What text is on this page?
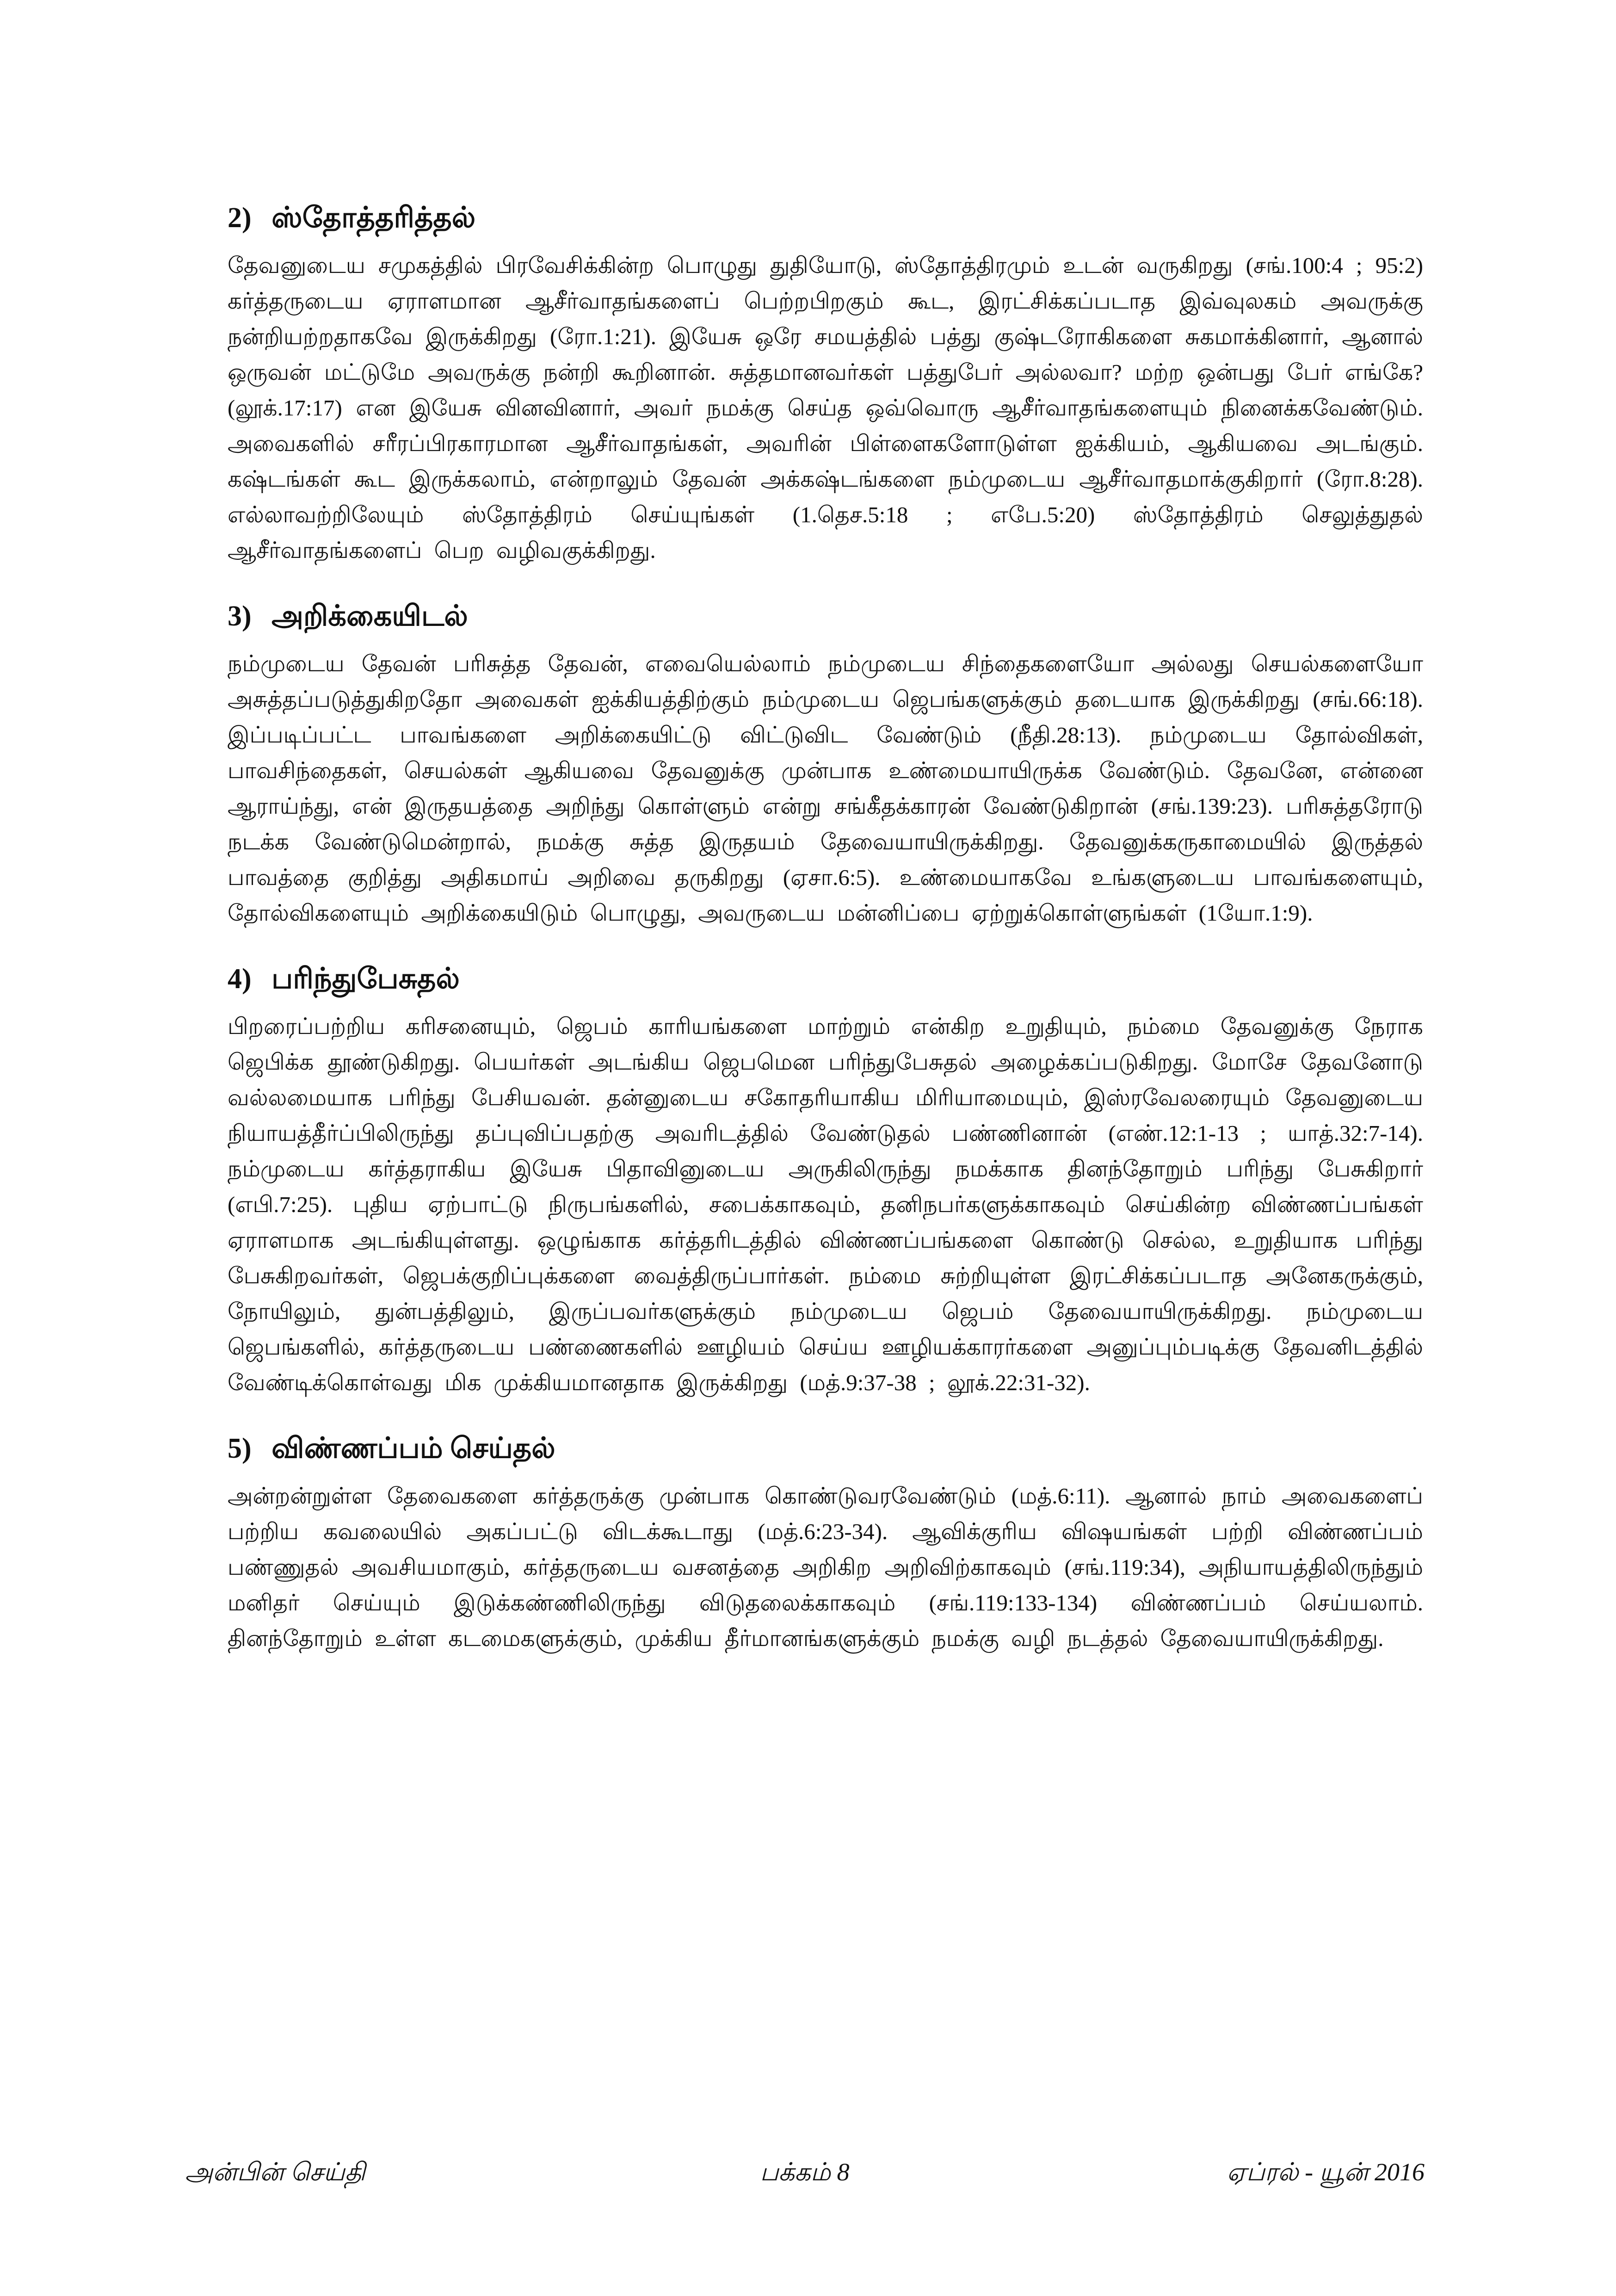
2) ஸ்தோத்தரித்தல்
தேவனுடைய சமுகத்தில் பிரவேசிக்கின்ற பொழுது துதியோடு, ஸ்தோத்திரமும் உடன் வருகிறது (சங்.100:4 ; 95:2) கர்த்தருடைய ஏராளமான ஆசீர்வாதங்களைப் பெற்றபிறகும் கூட, இரட்சிக்கப்படாத இவ்வுலகம் அவருக்கு நன்றியற்றதாகவே இருக்கிறது (ரோ.1:21). இயேசு ஒரே சமயத்தில் பத்து குஷ்டரோகிகளை சுகமாக்கினார், ஆனால் ஒருவன் மட்டுமே அவருக்கு நன்றி கூறினான். சுத்தமானவர்கள் பத்துபேர் அல்லவா? மற்ற ஒன்பது பேர் எங்கே? (லூக்.17:17) என இயேசு வினவினார், அவர் நமக்கு செய்த ஒவ்வொரு ஆசீர்வாதங்களையும் நினைக்கவேண்டும். அவைகளில் சரீரப்பிரகாரமான ஆசீர்வாதங்கள், அவரின் பிள்ளைகளோடுள்ள ஐக்கியம், ஆகியவை அடங்கும். கஷ்டங்கள் கூட இருக்கலாம், என்றாலும் தேவன் அக்கஷ்டங்களை நம்முடைய ஆசீர்வாதமாக்குகிறார் (ரோ.8:28). எல்லாவற்றிலேயும் ஸ்தோத்திரம் செய்யுங்கள் (1.தெச.5:18 ; எபே.5:20) ஸ்தோத்திரம் செலுத்துதல் ஆசீர்வாதங்களைப் பெற வழிவகுக்கிறது.
3) அறிக்கையிடல்
நம்முடைய தேவன் பரிசுத்த தேவன், எவையெல்லாம் நம்முடைய சிந்தைகளையோ அல்லது செயல்களையோ அசுத்தப்படுத்துகிறதோ அவைகள் ஐக்கியத்திற்கும் நம்முடைய ஜெபங்களுக்கும் தடையாக இருக்கிறது (சங்.66:18). இப்படிப்பட்ட பாவங்களை அறிக்கையிட்டு விட்டுவிட வேண்டும் (நீதி.28:13). நம்முடைய தோல்விகள், பாவசிந்தைகள், செயல்கள் ஆகியவை தேவனுக்கு முன்பாக உண்மையாயிருக்க வேண்டும். தேவனே, என்னை ஆராய்ந்து, என் இருதயத்தை அறிந்து கொள்ளும் என்று சங்கீதக்காரன் வேண்டுகிறான் (சங்.139:23). பரிசுத்தரோடு நடக்க வேண்டுமென்றால், நமக்கு சுத்த இருதயம் தேவையாயிருக்கிறது. தேவனுக்கருகாமையில் இருத்தல் பாவத்தை குறித்து அதிகமாய் அறிவை தருகிறது (ஏசா.6:5). உண்மையாகவே உங்களுடைய பாவங்களையும், தோல்விகளையும் அறிக்கையிடும் பொழுது, அவருடைய மன்னிப்பை ஏற்றுக்கொள்ளுங்கள் (1யோ.1:9).
4) பரிந்துபேசுதல்
பிறரைப்பற்றிய கரிசனையும், ஜெபம் காரியங்களை மாற்றும் என்கிற உறுதியும், நம்மை தேவனுக்கு நேராக ஜெபிக்க தூண்டுகிறது. பெயர்கள் அடங்கிய ஜெபமென பரிந்துபேசுதல் அழைக்கப்படுகிறது. மோசே தேவனோடு வல்லமையாக பரிந்து பேசியவன். தன்னுடைய சகோதரியாகிய மிரியாமையும், இஸ்ரவேலரையும் தேவனுடைய நியாயத்தீர்ப்பிலிருந்து தப்புவிப்பதற்கு அவரிடத்தில் வேண்டுதல் பண்ணினான் (எண்.12:1-13 ; யாத்.32:7-14). நம்முடைய கர்த்தராகிய இயேசு பிதாவினுடைய அருகிலிருந்து நமக்காக தினந்தோறும் பரிந்து பேசுகிறார் (எபி.7:25). புதிய ஏற்பாட்டு நிருபங்களில், சபைக்காகவும், தனிநபர்களுக்காகவும் செய்கின்ற விண்ணப்பங்கள் ஏராளமாக அடங்கியுள்ளது. ஒழுங்காக கர்த்தரிடத்தில் விண்ணப்பங்களை கொண்டு செல்ல, உறுதியாக பரிந்து பேசுகிறவர்கள், ஜெபக்குறிப்புக்களை வைத்திருப்பார்கள். நம்மை சுற்றியுள்ள இரட்சிக்கப்படாத அனேகருக்கும், நோயிலும், துன்பத்திலும், இருப்பவர்களுக்கும் நம்முடைய ஜெபம் தேவையாயிருக்கிறது. நம்முடைய ஜெபங்களில், கர்த்தருடைய பண்ணைகளில் ஊழியம் செய்ய ஊழியக்காரர்களை அனுப்பும்படிக்கு தேவனிடத்தில் வேண்டிக்கொள்வது மிக முக்கியமானதாக இருக்கிறது (மத்.9:37-38 ; லூக்.22:31-32).
5) விண்ணப்பம் செய்தல்
அன்றன்றுள்ள தேவைகளை கர்த்தருக்கு முன்பாக கொண்டுவரவேண்டும் (மத்.6:11). ஆனால் நாம் அவைகளைப் பற்றிய கவலையில் அகப்பட்டு விடக்கூடாது (மத்.6:23-34). ஆவிக்குரிய விஷயங்கள் பற்றி விண்ணப்பம் பண்ணுதல் அவசியமாகும், கர்த்தருடைய வசனத்தை அறிகிற அறிவிற்காகவும் (சங்.119:34), அநியாயத்திலிருந்தும் மனிதர் செய்யும் இடுக்கண்ணிலிருந்து விடுதலைக்காகவும் (சங்.119:133-134) விண்ணப்பம் செய்யலாம். தினந்தோறும் உள்ள கடமைகளுக்கும், முக்கிய தீர்மானங்களுக்கும் நமக்கு வழி நடத்தல் தேவையாயிருக்கிறது.
அன்பின் செய்தி	பக்கம் 8	ஏப்ரல் - யூன் 2016
